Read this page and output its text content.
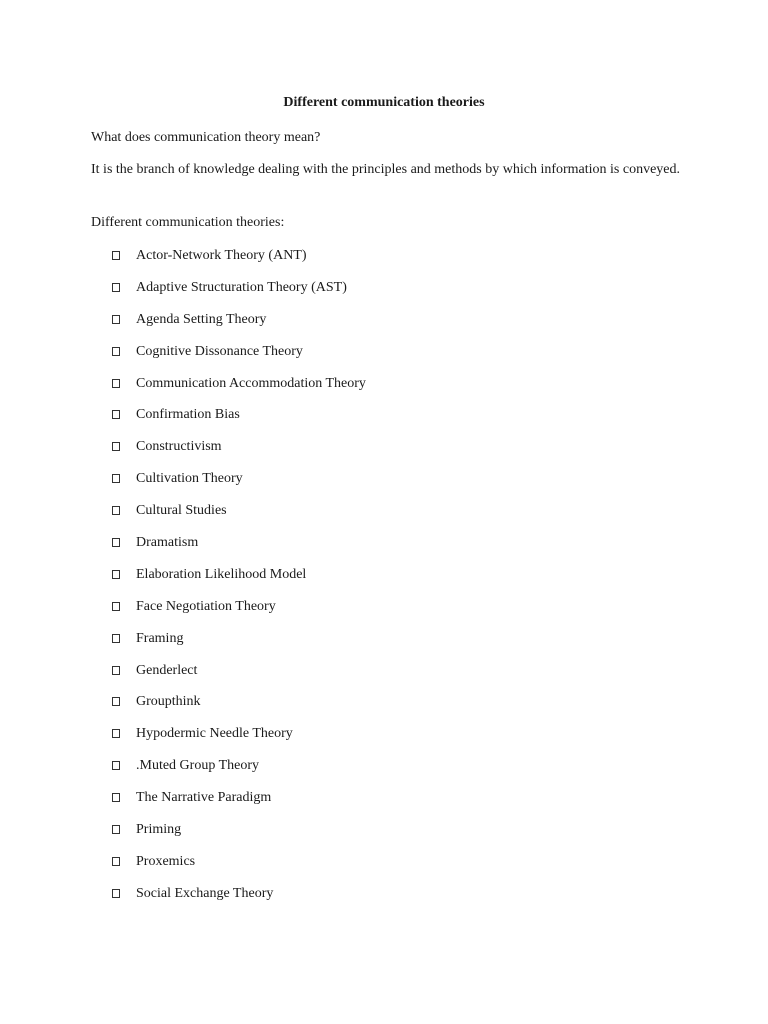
Different communication theories
What does communication theory mean?
It is the branch of knowledge dealing with the principles and methods by which information is conveyed.
Different communication theories:
Actor-Network Theory (ANT)
Adaptive Structuration Theory (AST)
Agenda Setting Theory
Cognitive Dissonance Theory
Communication Accommodation Theory
Confirmation Bias
Constructivism
Cultivation Theory
Cultural Studies
Dramatism
Elaboration Likelihood Model
Face Negotiation Theory
Framing
Genderlect
Groupthink
Hypodermic Needle Theory
.Muted Group Theory
The Narrative Paradigm
Priming
Proxemics
Social Exchange Theory
